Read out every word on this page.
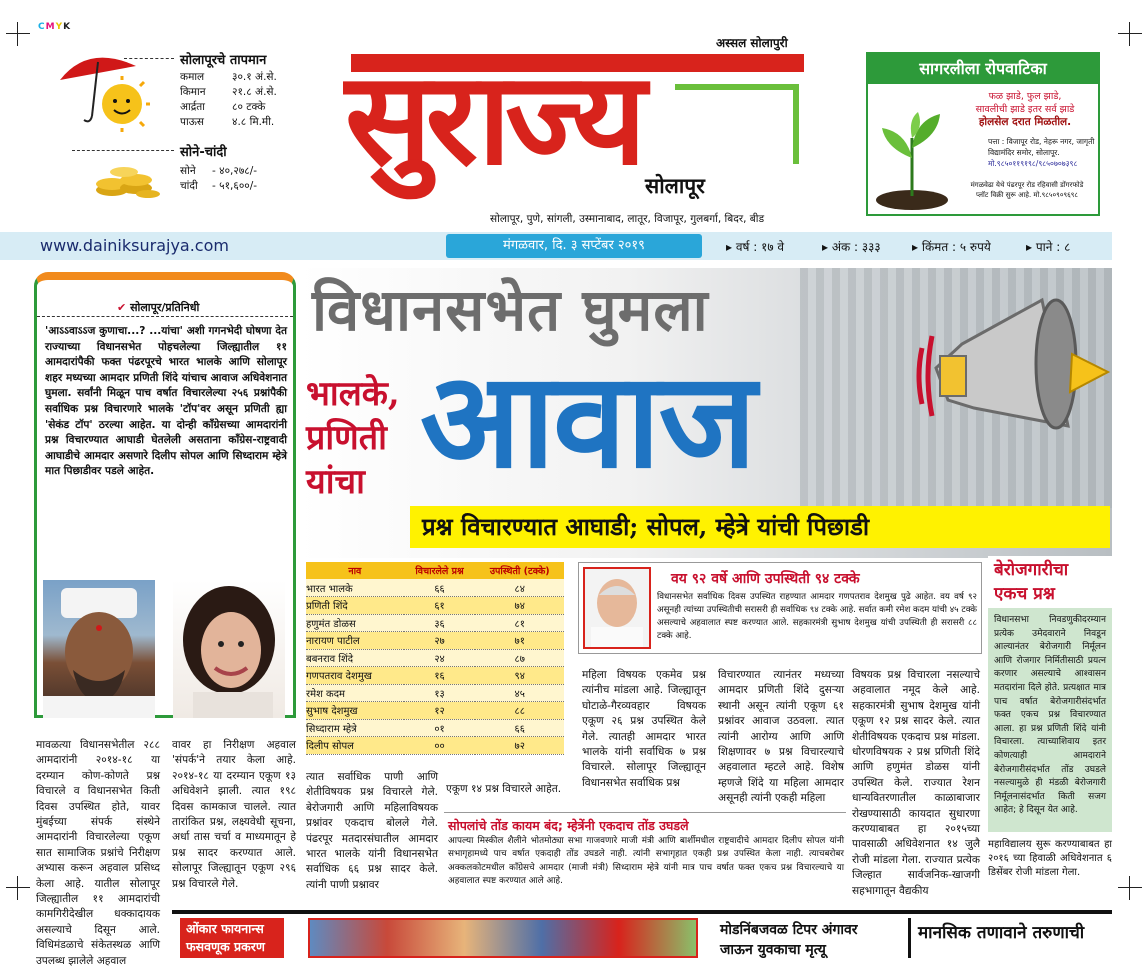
CMYK
सोलापूरचे तापमान
कमाल	३०.१ अं.से.
किमान	२१.८ अं.से.
आर्द्रता	८० टक्के
पाऊस	४.८ मि.मी.
सोने-चांदी
सोने	- ४०,२७८/-
चांदी	- ५१,६००/-
अस्सल सोलापुरी
सुराज्य सोलापूर
सोलापूर, पुणे, सांगली, उस्मानाबाद, लातूर, विजापूर, गुलबर्गा, बिदर, बीड
सागरलीला रोपवाटिका
फळ झाडे, फुल झाडे,
सावलीची झाडे इतर सर्व झाडे
होलसेल दरात मिळतील.
पत्ता : विजापूर रोड, नेहरू नगर, जागृती
विद्यामंदिर समोर, सोलापूर.
मो.९८५०११९१९८/९८५०७०७३९८
मंगळवेढा येथे पंढरपूर रोड रहिवासी डोंगरफोडे
प्लॉट विक्री सुरू आहे. मो.९८५०९०९६९८
www.dainiksurajya.com	मंगळवार, दि. ३ सप्टेंबर २०१९	▸ वर्ष : १७ वे	▸ अंक : ३३३	▸ किंमत : ५ रुपये	▸ पाने : ८
विधानसभेत घुमला
भालके,
प्रणिती
यांचा आवाज
प्रश्न विचारण्यात आघाडी; सोपल, म्हेत्रे यांची पिछाडी
✔ सोलापूर/प्रतिनिधी
'आऽऽवाऽऽज कुणाचा...? ...यांचा' अशी गगनभेदी घोषणा देत राज्याच्या विधानसभेत पोहचलेल्या जिल्ह्यातील ११ आमदारांपैकी फक्त पंढरपूरचे भारत भालके आणि सोलापूर शहर मध्यच्या आमदार प्रणिती शिंदे यांचाच आवाज अधिवेशनात घुमला. सर्वांनी मिळून पाच वर्षात विचारलेल्या २५६ प्रश्नांपैकी सर्वाधिक प्रश्न विचारणारे भालके 'टॉप'वर असून प्रणिती ह्या 'सेकंड टॉप' ठरल्या आहेत. या दोन्ही काँग्रेसच्या आमदारांनी प्रश्न विचारण्यात आघाडी घेतलेली असताना काँग्रेस-राष्ट्रवादी आघाडीचे आमदार असणारे दिलीप सोपल आणि सिध्दाराम म्हेत्रे मात पिछाडीवर पडले आहेत.
नाव	विचारलेले प्रश्न	उपस्थिती (टक्के)
भारत भालके	६६	८४
प्रणिती शिंदे	६१	७४
हणुमंत डोळस	३६	८१
नारायण पाटील	२७	७१
बबनराव शिंदे	२४	८७
गणपतराव देशमुख	१६	९४
रमेश कदम	१३	४५
सुभाष देशमुख	१२	८८
सिध्दाराम म्हेत्रे	०१	६६
दिलीप सोपल	००	७२
वय ९२ वर्षे आणि उपस्थिती ९४ टक्के
विधानसभेत सर्वाधिक दिवस उपस्थित राहण्यात आमदार गणपतराव देशमुख पुढे आहेत. वय वर्ष ९२ असूनही त्यांच्या उपस्थितीची सरासरी ही सर्वाधिक ९४ टक्के आहे. सर्वात कमी रमेश कदम यांची ४५ टक्के असल्याचे अहवालात स्पष्ट करण्यात आले. सहकारमंत्री सुभाष देशमुख यांची उपस्थिती ही सरासरी ८८ टक्के आहे.
बेरोजगारीचा
एकच प्रश्न
विधानसभा निवडणुकीदरम्यान प्रत्येक उमेदवाराने निवडून आल्यानंतर बेरोजगारी निर्मूलन आणि रोजगार निर्मितीसाठी प्रयत्न करणार असल्याचे आश्वासन मतदारांना दिले होते. प्रत्यक्षात मात्र पाच वर्षात बेरोजगारीसंदर्भात फक्त एकच प्रश्न विचारण्यात आला. हा प्रश्न प्रणिती शिंदे यांनी विचारला. त्याच्याशिवाय इतर कोणत्याही आमदाराने बेरोजगारीसंदर्भात तोंड उघडले नसल्यामुळे ही मंडळी बेरोजगारी निर्मूलनासंदर्भात किती सजग आहेत; हे दिसून येत आहे.
महाविद्यालय सुरू करण्याबाबत हा २०१६ च्या हिवाळी अधिवेशनात ६ डिसेंबर रोजी मांडला गेला.
मावळत्या विधानसभेतील २८८ आमदारांनी २०१४-१८ या दरम्यान कोण-कोणते प्रश्न विचारले व विधानसभेत किती दिवस उपस्थित होते, यावर मुंबईच्या संपर्क संस्थेने आमदारांनी विचारलेल्या एकूण सात सामाजिक प्रश्नांचे निरीक्षण अभ्यास करून अहवाल प्रसिध्द केला आहे. यातील सोलापूर जिल्ह्यातील ११ आमदारांची कामगिरीदेखील धक्कादायक असल्याचे दिसून आले. विधिमंडळाचे संकेतस्थळ आणि उपलब्ध झालेले अहवाल
वावर हा निरीक्षण अहवाल 'संपर्क'ने तयार केला आहे. २०१४-१८ या दरम्यान एकूण १३ अधिवेशने झाली. त्यात १९८ दिवस कामकाज चालले. त्यात तारांकित प्रश्न, लक्ष्यवेधी सूचना, अर्धा तास चर्चा व माध्यमातून हे प्रश्न सादर करण्यात आले. सोलापूर जिल्ह्यातून एकूण २९६ प्रश्न विचारले गेले.
त्यात सर्वाधिक पाणी आणि शेतीविषयक प्रश्न विचारले गेले. बेरोजगारी आणि महिलाविषयक प्रश्नांवर एकदाच बोलले गेले. पंढरपूर मतदारसंघातील आमदार भारत भालके यांनी विधानसभेत सर्वाधिक ६६ प्रश्न सादर केले. त्यांनी पाणी प्रश्नावर
एकूण १४ प्रश्न विचारले आहेत.
महिला विषयक एकमेव प्रश्न त्यांनीच मांडला आहे. जिल्ह्यातून घोटाळे-गैरव्यवहार विषयक एकूण २६ प्रश्न उपस्थित केले गेले. त्यातही आमदार भारत भालके यांनी सर्वाधिक ७ प्रश्न विचारले. सोलापूर जिल्ह्यातून विधानसभेत सर्वाधिक प्रश्न
विचारण्यात त्यानंतर मध्यच्या आमदार प्रणिती शिंदे दुसऱ्या स्थानी असून त्यांनी एकूण ६१ प्रश्नांवर आवाज उठवला. त्यात त्यांनी आरोग्य आणि आणि शिक्षणावर ७ प्रश्न विचारल्याचे अहवालात म्हटले आहे. विशेष म्हणजे शिंदे या महिला आमदार असूनही त्यांनी एकही महिला
विषयक प्रश्न विचारला नसल्याचे अहवालात नमूद केले आहे. सहकारमंत्री सुभाष देशमुख यांनी एकूण १२ प्रश्न सादर केले. त्यात शेतीविषयक एकदाच प्रश्न मांडला. धोरणविषयक २ प्रश्न प्रणिती शिंदे आणि हणुमंत डोळस यांनी उपस्थित केले. राज्यात रेशन धान्यवितरणातील काळाबाजार रोखण्यासाठी कायदात सुधारणा करण्याबाबत हा २०१५च्या पावसाळी अधिवेशनात १४ जुलै रोजी मांडला गेला. राज्यात प्रत्येक जिल्हात सार्वजनिक-खाजगी सहभागातून वैद्यकीय
सोपलांचे तोंड कायम बंद; म्हेत्रेंनी एकदाच तोंड उघडले
आपल्या मिस्कील शैलीने भोतमोठ्या सभा गाजवणारे माजी मंत्री आणि बार्शीमधील राष्ट्रवादीचे आमदार दिलीप सोपल यांनी सभागृहामध्ये पाच वर्षात एकदाही तोंड उघडले नाही. त्यांनी सभागृहात एकही प्रश्न उपस्थित केला नाही. त्याचबरोबर अक्कलकोटमधील काँग्रेसचे आमदार (माजी मंत्री) सिध्दाराम म्हेत्रे यांनी मात्र पाच वर्षात फक्त एकच प्रश्न विचारल्याचे या अहवालात स्पष्ट करण्यात आले आहे.
ओंकार फायनान्स
फसवणूक प्रकरण
मोडनिंबजवळ टिपर अंगावर
जाऊन युवकाचा मृत्यू
मानसिक तणावाने तरुणाची
